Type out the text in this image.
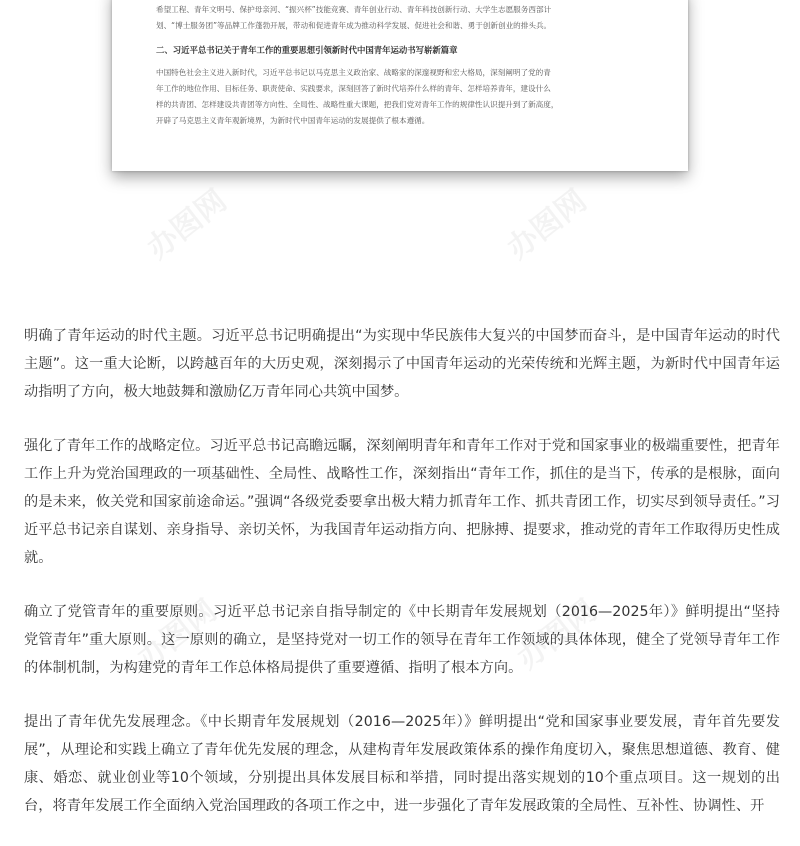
希望工程、青年文明号、保护母亲河、“振兴杯”技能竞赛、青年创业行动、青年科技创新行动、大学生志愿服务西部计

划、“博士服务团”等品牌工作蓬勃开展，带动和促进青年成为推动科学发展、促进社会和谐、勇于创新创业的排头兵。

二、习近平总书记关于青年工作的重要思想引领新时代中国青年运动书写崭新篇章

中国特色社会主义进入新时代，习近平总书记以马克思主义政治家、战略家的深邃视野和宏大格局，深刻阐明了党的青

年工作的地位作用、目标任务、职责使命、实践要求，深刻回答了新时代培养什么样的青年、怎样培养青年，建设什么

样的共青团、怎样建设共青团等方向性、全局性、战略性重大课题，把我们党对青年工作的规律性认识提升到了新高度，

开辟了马克思主义青年观新境界，为新时代中国青年运动的发展提供了根本遵循。

办图网	办图网
办图网	办图网

明确了青年运动的时代主题。习近平总书记明确提出“为实现中华民族伟大复兴的中国梦而奋斗，是中国青年运动的时代主题”。这一重大论断，以跨越百年的大历史观，深刻揭示了中国青年运动的光荣传统和光辉主题，为新时代中国青年运动指明了方向，极大地鼓舞和激励亿万青年同心共筑中国梦。

强化了青年工作的战略定位。习近平总书记高瞻远瞩，深刻阐明青年和青年工作对于党和国家事业的极端重要性，把青年工作上升为党治国理政的一项基础性、全局性、战略性工作，深刻指出“青年工作，抓住的是当下，传承的是根脉，面向的是未来，攸关党和国家前途命运。”强调“各级党委要拿出极大精力抓青年工作、抓共青团工作，切实尽到领导责任。”习近平总书记亲自谋划、亲身指导、亲切关怀，为我国青年运动指方向、把脉搏、提要求，推动党的青年工作取得历史性成就。

确立了党管青年的重要原则。习近平总书记亲自指导制定的《中长期青年发展规划（2016—2025年）》鲜明提出“坚持党管青年”重大原则。这一原则的确立，是坚持党对一切工作的领导在青年工作领域的具体体现，健全了党领导青年工作的体制机制，为构建党的青年工作总体格局提供了重要遵循、指明了根本方向。

提出了青年优先发展理念。《中长期青年发展规划（2016—2025年）》鲜明提出“党和国家事业要发展，青年首先要发展”，从理论和实践上确立了青年优先发展的理念，从建构青年发展政策体系的操作角度切入，聚焦思想道德、教育、健康、婚恋、就业创业等10个领域，分别提出具体发展目标和举措，同时提出落实规划的10个重点项目。这一规划的出台，将青年发展工作全面纳入党治国理政的各项工作之中，进一步强化了青年发展政策的全局性、互补性、协调性、开
